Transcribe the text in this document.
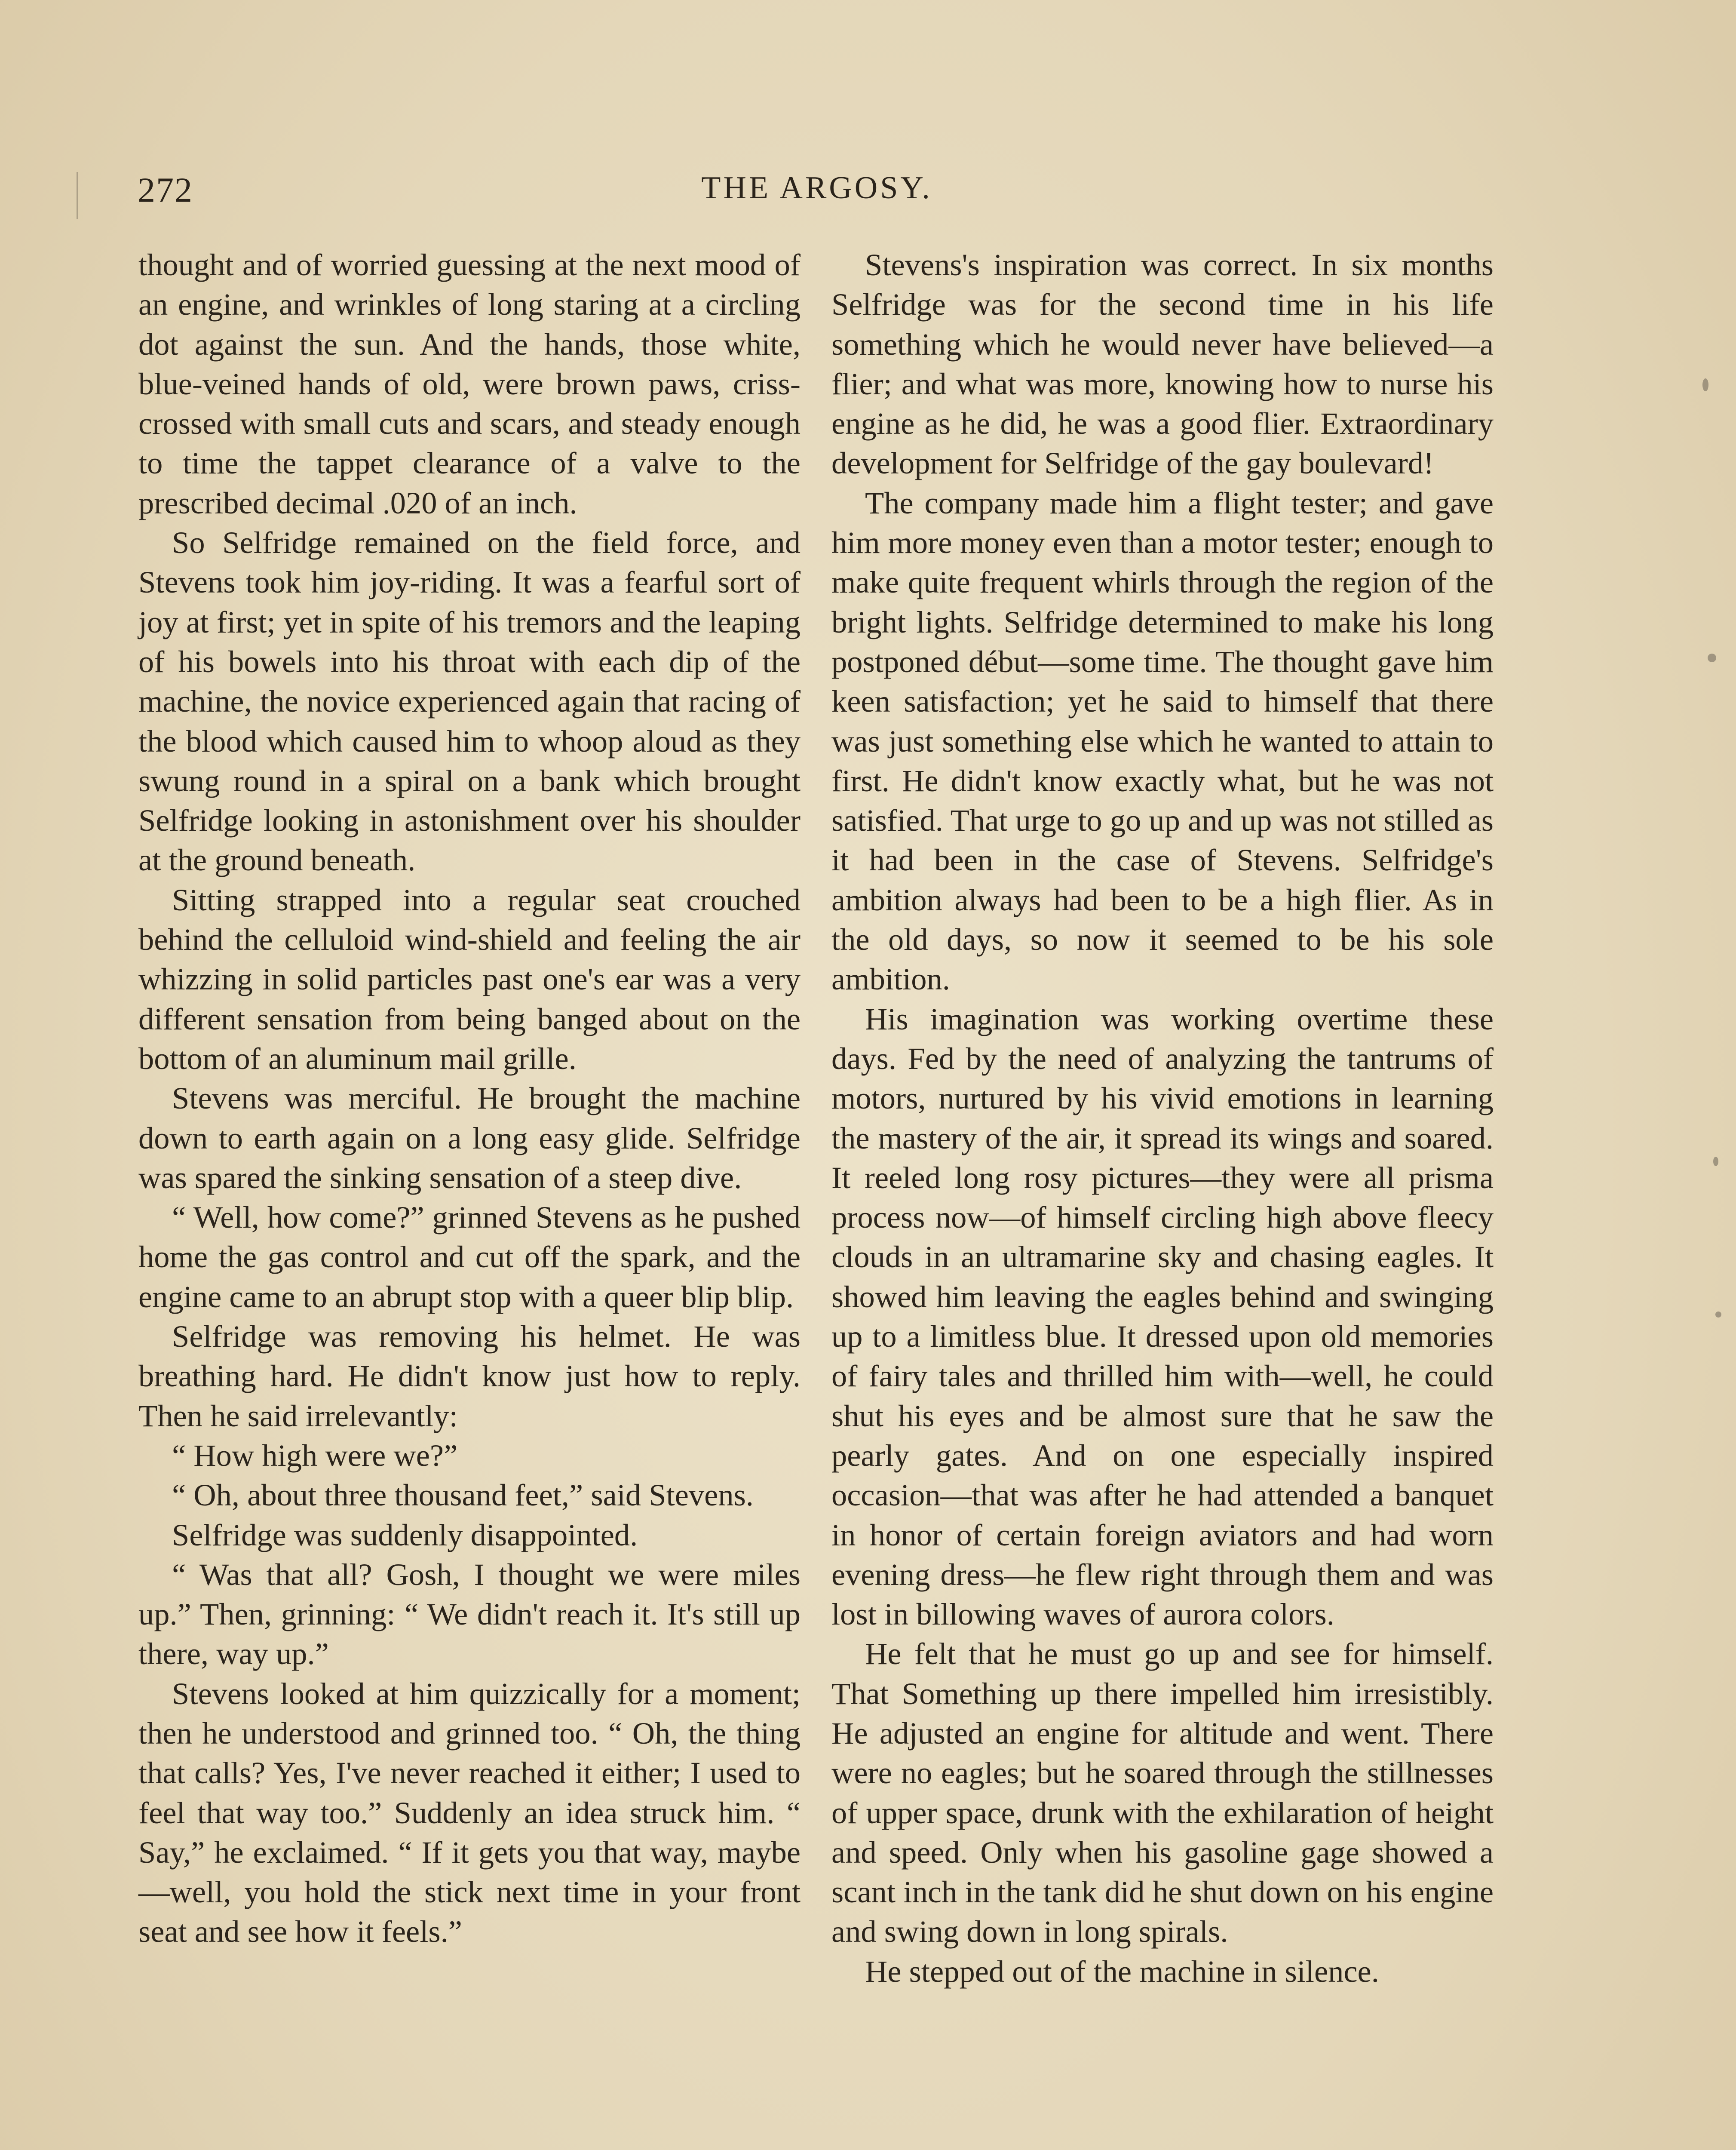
272	THE ARGOSY.

thought and of worried guessing at the next mood of an engine, and wrinkles of long staring at a circling dot against the sun. And the hands, those white, blue-veined hands of old, were brown paws, criss-crossed with small cuts and scars, and steady enough to time the tappet clearance of a valve to the prescribed decimal .020 of an inch.

So Selfridge remained on the field force, and Stevens took him joy-riding. It was a fearful sort of joy at first; yet in spite of his tremors and the leaping of his bowels into his throat with each dip of the machine, the novice experienced again that racing of the blood which caused him to whoop aloud as they swung round in a spiral on a bank which brought Selfridge looking in astonishment over his shoulder at the ground beneath.

Sitting strapped into a regular seat crouched behind the celluloid wind-shield and feeling the air whizzing in solid particles past one's ear was a very different sensation from being banged about on the bottom of an aluminum mail grille.

Stevens was merciful. He brought the machine down to earth again on a long easy glide. Selfridge was spared the sinking sensation of a steep dive.

“ Well, how come?” grinned Stevens as he pushed home the gas control and cut off the spark, and the engine came to an abrupt stop with a queer blip blip.

Selfridge was removing his helmet. He was breathing hard. He didn't know just how to reply. Then he said irrelevantly:

“ How high were we?”

“ Oh, about three thousand feet,” said Stevens.

Selfridge was suddenly disappointed.

“ Was that all? Gosh, I thought we were miles up.” Then, grinning: “ We didn't reach it. It's still up there, way up.”

Stevens looked at him quizzically for a moment; then he understood and grinned too. “ Oh, the thing that calls? Yes, I've never reached it either; I used to feel that way too.” Suddenly an idea struck him. “ Say,” he exclaimed. “ If it gets you that way, maybe—well, you hold the stick next time in your front seat and see how it feels.”

Stevens's inspiration was correct. In six months Selfridge was for the second time in his life something which he would never have believed—a flier; and what was more, knowing how to nurse his engine as he did, he was a good flier. Extraordinary development for Selfridge of the gay boulevard!

The company made him a flight tester; and gave him more money even than a motor tester; enough to make quite frequent whirls through the region of the bright lights. Selfridge determined to make his long postponed début—some time. The thought gave him keen satisfaction; yet he said to himself that there was just something else which he wanted to attain to first. He didn't know exactly what, but he was not satisfied. That urge to go up and up was not stilled as it had been in the case of Stevens. Selfridge's ambition always had been to be a high flier. As in the old days, so now it seemed to be his sole ambition.

His imagination was working overtime these days. Fed by the need of analyzing the tantrums of motors, nurtured by his vivid emotions in learning the mastery of the air, it spread its wings and soared. It reeled long rosy pictures—they were all prisma process now—of himself circling high above fleecy clouds in an ultramarine sky and chasing eagles. It showed him leaving the eagles behind and swinging up to a limitless blue. It dressed upon old memories of fairy tales and thrilled him with—well, he could shut his eyes and be almost sure that he saw the pearly gates. And on one especially inspired occasion—that was after he had attended a banquet in honor of certain foreign aviators and had worn evening dress—he flew right through them and was lost in billowing waves of aurora colors.

He felt that he must go up and see for himself. That Something up there impelled him irresistibly. He adjusted an engine for altitude and went. There were no eagles; but he soared through the stillnesses of upper space, drunk with the exhilaration of height and speed. Only when his gasoline gage showed a scant inch in the tank did he shut down on his engine and swing down in long spirals.

He stepped out of the machine in silence.
